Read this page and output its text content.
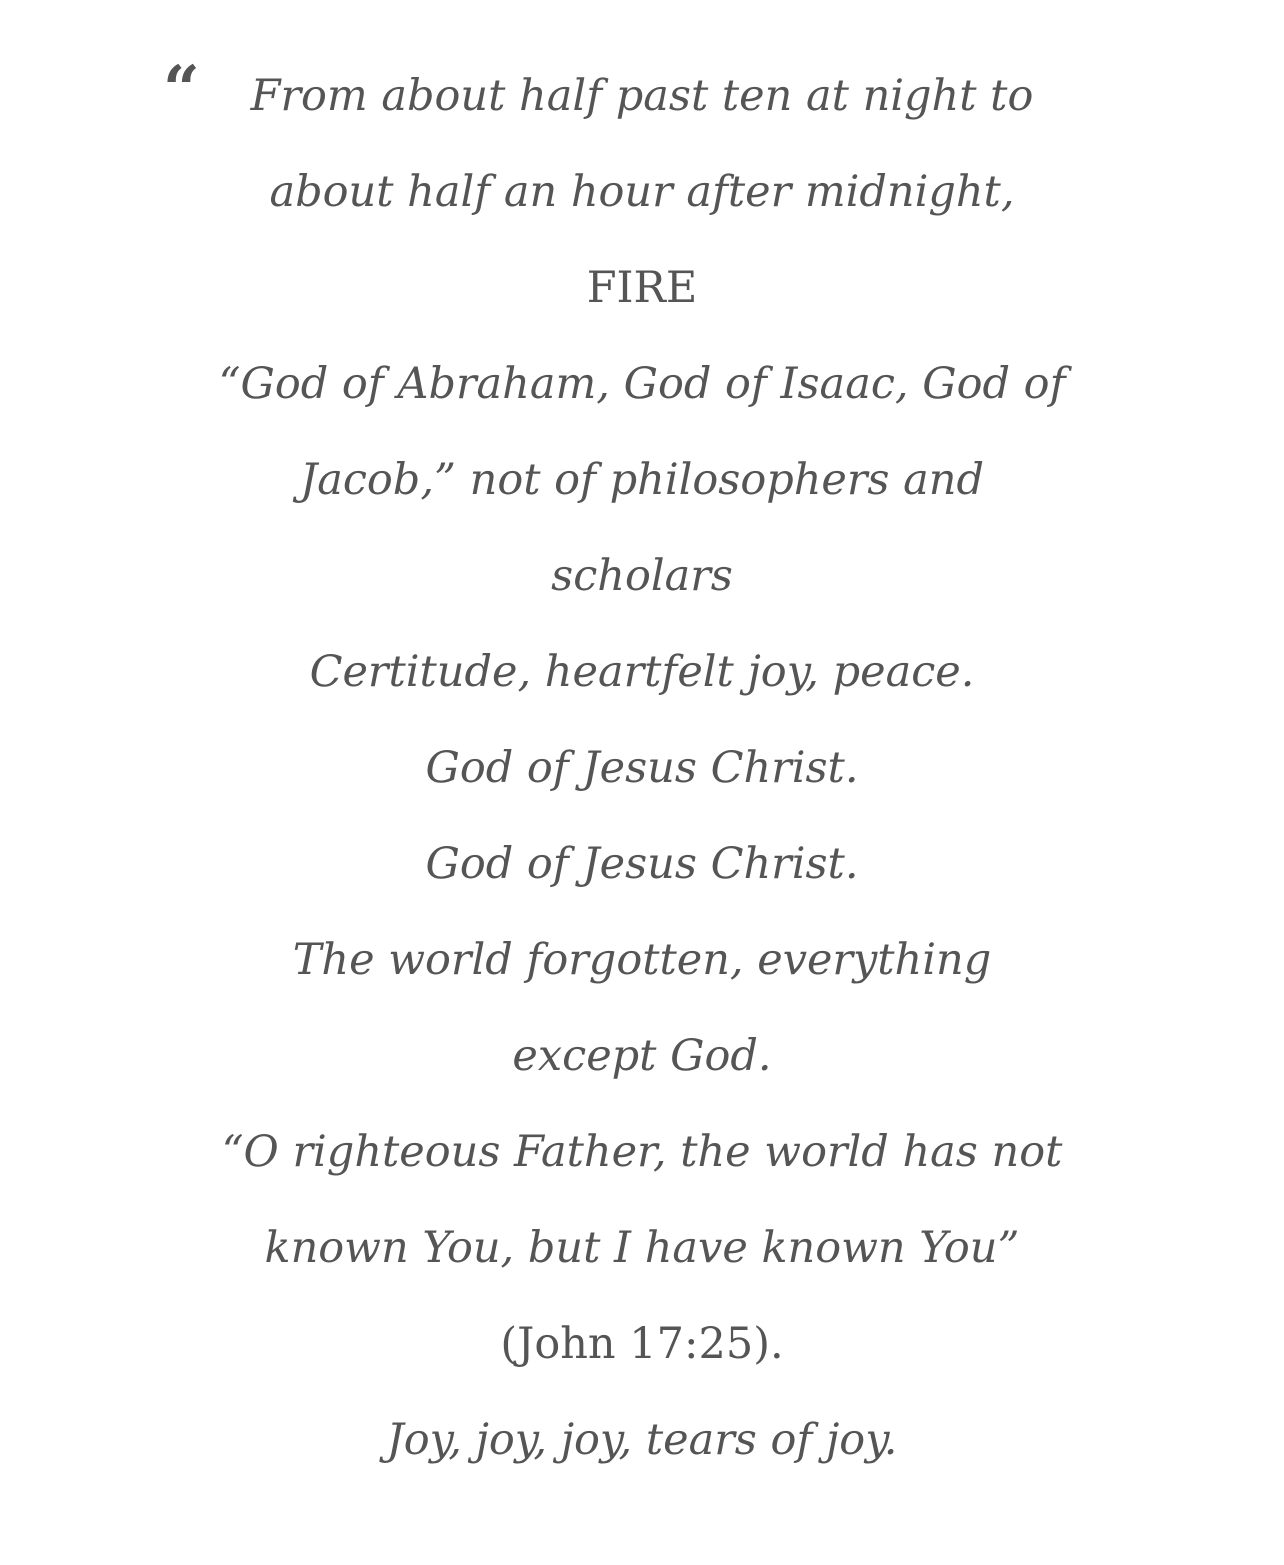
“	From about half past ten at night to
about half an hour after midnight,
FIRE
“God of Abraham, God of Isaac, God of
Jacob,” not of philosophers and
scholars
Certitude, heartfelt joy, peace.
God of Jesus Christ.
God of Jesus Christ.
The world forgotten, everything
except God.
“O righteous Father, the world has not
known You, but I have known You”
(John 17:25).
Joy, joy, joy, tears of joy.
